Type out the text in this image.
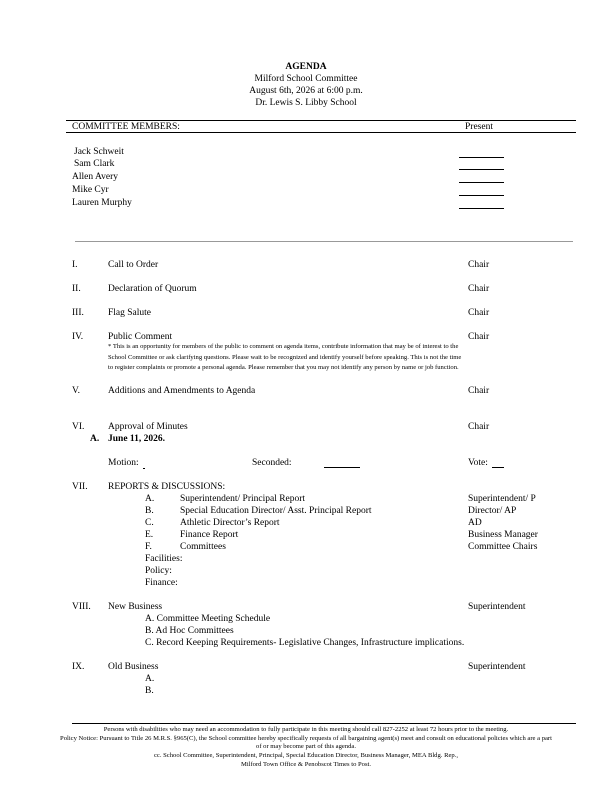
AGENDA
Milford School Committee
August 6th, 2026 at 6:00 p.m.
Dr. Lewis S. Libby School
COMMITTEE MEMBERS:	Present
Jack Schweit
Sam Clark
Allen Avery
Mike Cyr
Lauren Murphy
I.	Call to Order	Chair
II.	Declaration of Quorum	Chair
III.	Flag Salute	Chair
IV.	Public Comment	Chair
* This is an opportunity for members of the public to comment on agenda items, contribute information that may be of interest to the
School Committee or ask clarifying questions. Please wait to be recognized and identify yourself before speaking. This is not the time
to register complaints or promote a personal agenda. Please remember that you may not identify any person by name or job function.
V.	Additions and Amendments to Agenda	Chair
VI. Approval of Minutes	Chair
A. June 11, 2026.
Motion:	Seconded:	Vote:
VII. REPORTS & DISCUSSIONS:
A.	Superintendent/ Principal Report	Superintendent/ P
B.	Special Education Director/ Asst. Principal Report	Director/ AP
C.	Athletic Director’s Report	AD
E.	Finance Report	Business Manager
F.	Committees	Committee Chairs
Facilities:
Policy:
Finance:
VIII. New Business	Superintendent
A. Committee Meeting Schedule
B. Ad Hoc Committees
C. Record Keeping Requirements- Legislative Changes, Infrastructure implications.
IX. Old Business	Superintendent
A.
B.
Persons with disabilities who may need an accommodation to fully participate in this meeting should call 827-2252 at least 72 hours prior to the meeting.
Policy Notice: Pursuant to Title 26 M.R.S. §965(C), the School committee hereby specifically requests of all bargaining agent(s) meet and consult on educational policies which are a part of or may become part of this agenda.
cc. School Committee, Superintendent, Principal, Special Education Director, Business Manager, MEA Bldg. Rep.,
Milford Town Office & Penobscot Times to Post.
